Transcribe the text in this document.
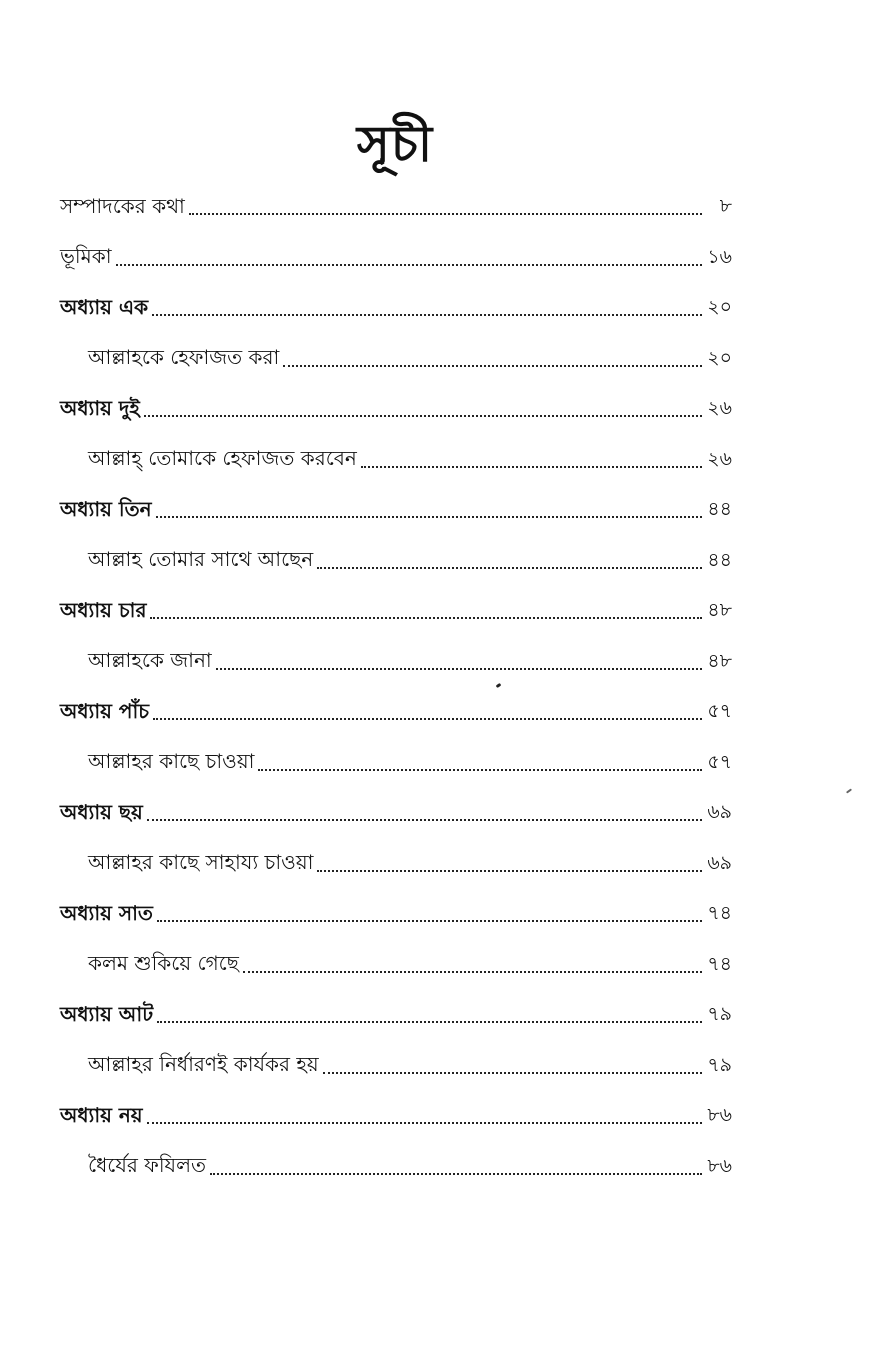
সূচী
সম্পাদকের কথা	৮
ভূমিকা	১৬
অধ্যায় এক	২০
আল্লাহকে হেফাজত করা	২০
অধ্যায় দুই	২৬
আল্লাহ্ তোমাকে হেফাজত করবেন	২৬
অধ্যায় তিন	৪৪
আল্লাহ তোমার সাথে আছেন	৪৪
অধ্যায় চার	৪৮
আল্লাহকে জানা	৪৮
অধ্যায় পাঁচ	৫৭
আল্লাহর কাছে চাওয়া	৫৭
অধ্যায় ছয়	৬৯
আল্লাহর কাছে সাহায্য চাওয়া	৬৯
অধ্যায় সাত	৭৪
কলম শুকিয়ে গেছে	৭৪
অধ্যায় আট	৭৯
আল্লাহর নির্ধারণই কার্যকর হয়	৭৯
অধ্যায় নয়	৮৬
ধৈর্যের ফযিলত	৮৬
